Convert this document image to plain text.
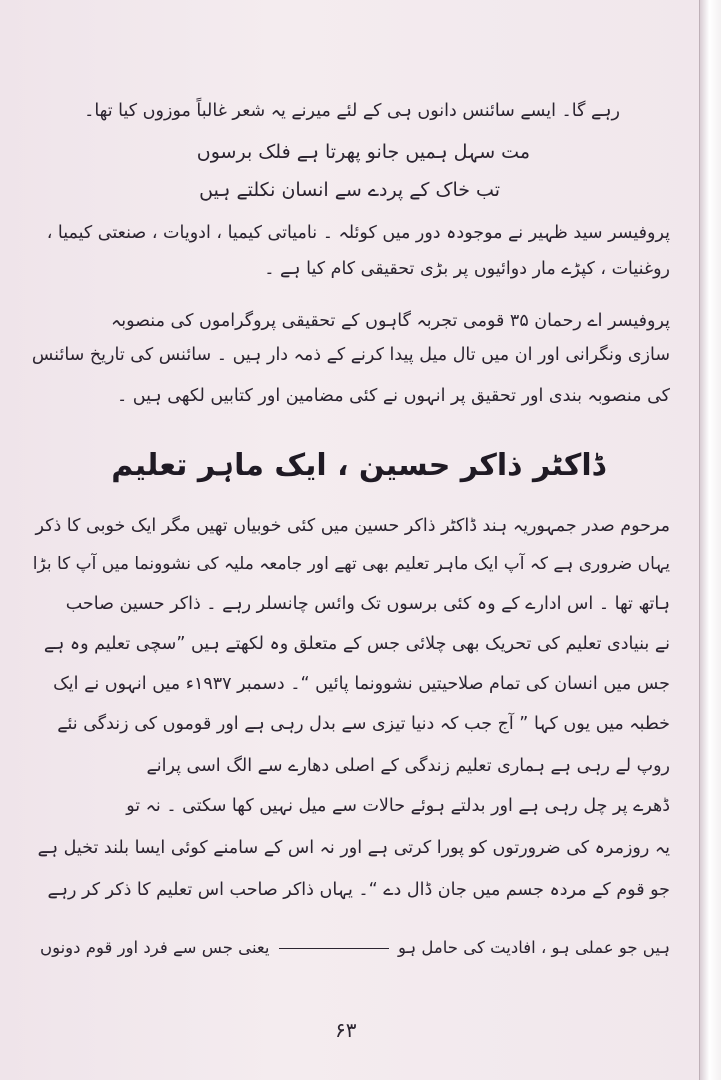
رہے گا۔ ایسے سائنس دانوں ہی کے لئے میرنے یہ شعر غالباً موزوں کیا تھا۔
مت سہل ہمیں جانو پھرتا ہے فلک برسوں
تب خاک کے پردے سے انسان نکلتے ہیں
پروفیسر سید ظہیر نے موجودہ دور میں کوئلہ ۔ نامیاتی کیمیا ، ادویات ، صنعتی کیمیا ،
روغنیات ، کپڑے مار دوائیوں پر بڑی تحقیقی کام کیا ہے ۔
پروفیسر اے رحمان ۳۵ قومی تجربہ گاہوں کے تحقیقی پروگراموں کی منصوبہ
سازی ونگرانی اور ان میں تال میل پیدا کرنے کے ذمہ دار ہیں ۔ سائنس کی تاریخ سائنس
کی منصوبہ بندی اور تحقیق پر انہوں نے کئی مضامین اور کتابیں لکھی ہیں ۔
ڈاکٹر ذاکر حسین ، ایک ماہر تعلیم
مرحوم صدر جمہوریہ ہند ڈاکٹر ذاکر حسین میں کئی خوبیاں تھیں مگر ایک خوبی کا ذکر
یہاں ضروری ہے کہ آپ ایک ماہر تعلیم بھی تھے اور جامعہ ملیہ کی نشوونما میں آپ کا بڑا
ہاتھ تھا ۔ اس ادارے کے وہ کئی برسوں تک وائس چانسلر رہے ۔ ذاکر حسین صاحب
نے بنیادی تعلیم کی تحریک بھی چلائی جس کے متعلق وہ لکھتے ہیں ”سچی تعلیم وہ ہے
جس میں انسان کی تمام صلاحیتیں نشوونما پائیں “۔ دسمبر ۱۹۳۷ء میں انہوں نے ایک
خطبہ میں یوں کہا ” آج جب کہ دنیا تیزی سے بدل رہی ہے اور قوموں کی زندگی نئے
روپ لے رہی ہے ہماری تعلیم زندگی کے اصلی دھارے سے الگ اسی پرانے
ڈھرے پر چل رہی ہے اور بدلتے ہوئے حالات سے میل نہیں کھا سکتی ۔ نہ تو
یہ روزمرہ کی ضرورتوں کو پورا کرتی ہے اور نہ اس کے سامنے کوئی ایسا بلند تخیل ہے
جو قوم کے مردہ جسم میں جان ڈال دے “۔ یہاں ذاکر صاحب اس تعلیم کا ذکر کر رہے
ہیں جو عملی ہو ، افادیت کی حامل ہو  یعنی جس سے فرد اور قوم دونوں
۶۳
